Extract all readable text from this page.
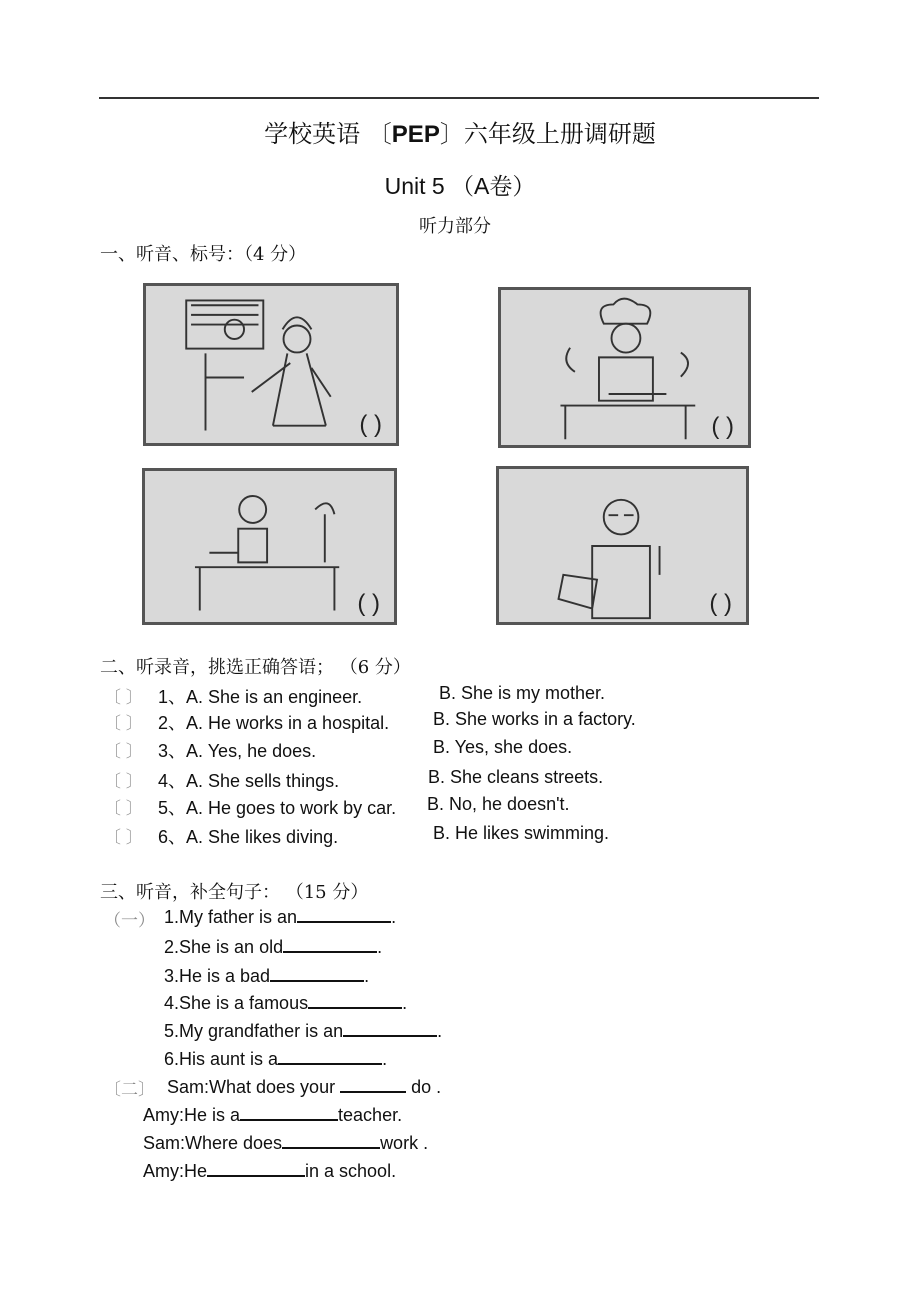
学校英语 〔PEP〕六年级上册调研题
Unit 5 （A卷）
听力部分
一、听音、标号：（4 分）
( )	( )
( )	( )
二、听录音，挑选正确答语； （6 分）
三、听音，补全句子： （15 分）
（一）
〔二〕
〔 〕 1、A. She is an engineer.	B. She is my mother.
〔 〕 2、A. He works in a hospital. B. She works in a factory.
〔 〕 3、A. Yes, he does.	B. Yes, she does.
〔 〕 4、A. She sells things.	B. She cleans streets.
〔 〕 5、A. He goes to work by car. B. No, he doesn't.
〔 〕 6、A. She likes diving.	B. He likes swimming.
1.My father is an	.
2.She is an old	.
3.He is a bad	.
4.She is a famous	.
5.My grandfather is an	.
6.His aunt is a	.
Sam:What does your	do .
Amy:He is a	teacher.
Sam:Where does	work .
Amy:He	in a school.
